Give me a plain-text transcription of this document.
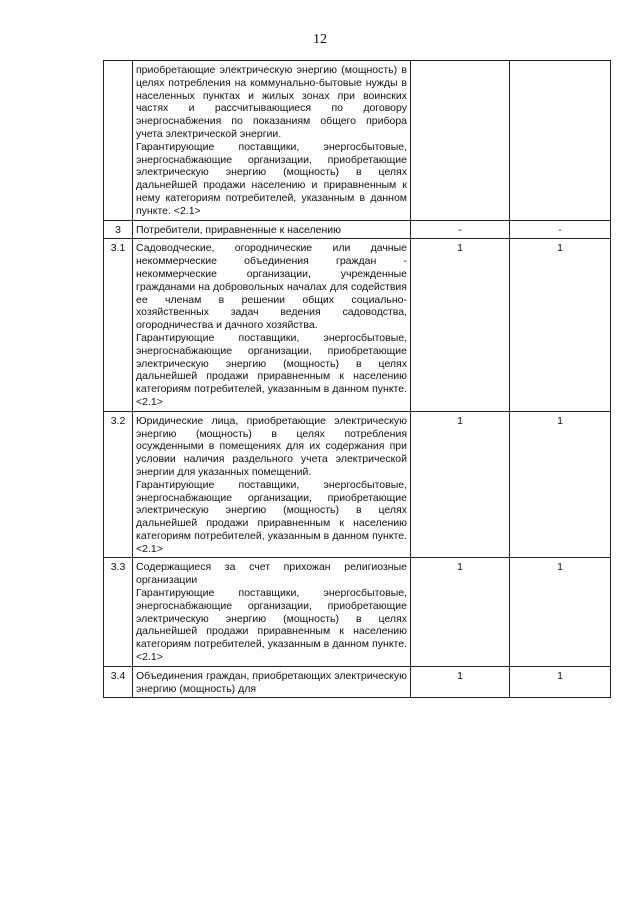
12

	приобретающие электрическую энергию (мощность) в целях потребления на коммунально-бытовые нужды в населенных пунктах и жилых зонах при воинских частях и рассчитывающиеся по договору энергоснабжения по показаниям общего прибора учета электрической энергии.

Гарантирующие поставщики, энергосбытовые, энергоснабжающие организации, приобретающие электрическую энергию (мощность) в целях дальнейшей продажи населению и приравненным к нему категориям потребителей, указанным в данном пункте. <2.1>		

3	Потребители, приравненные к населению	-	-
3.1	Садоводческие, огороднические или дачные некоммерческие объединения граждан - некоммерческие организации, учрежденные гражданами на добровольных началах для содействия ее членам в решении общих социально-хозяйственных задач ведения садоводства, огородничества и дачного хозяйства.

Гарантирующие поставщики, энергосбытовые, энергоснабжающие организации, приобретающие электрическую энергию (мощность) в целях дальнейшей продажи приравненным к населению категориям потребителей, указанным в данном пункте. <2.1>	1	1
3.2	Юридические лица, приобретающие электрическую энергию (мощность) в целях потребления осужденными в помещениях для их содержания при условии наличия раздельного учета электрической энергии для указанных помещений.

Гарантирующие поставщики, энергосбытовые, энергоснабжающие организации, приобретающие электрическую энергию (мощность) в целях дальнейшей продажи приравненным к населению категориям потребителей, указанным в данном пункте. <2.1>	1	1
3.3	Содержащиеся за счет прихожан религиозные организации

Гарантирующие поставщики, энергосбытовые, энергоснабжающие организации, приобретающие электрическую энергию (мощность) в целях дальнейшей продажи приравненным к населению категориям потребителей, указанным в данном пункте. <2.1>	1	1
3.4	Объединения граждан, приобретающих электрическую энергию (мощность) для	1	1
